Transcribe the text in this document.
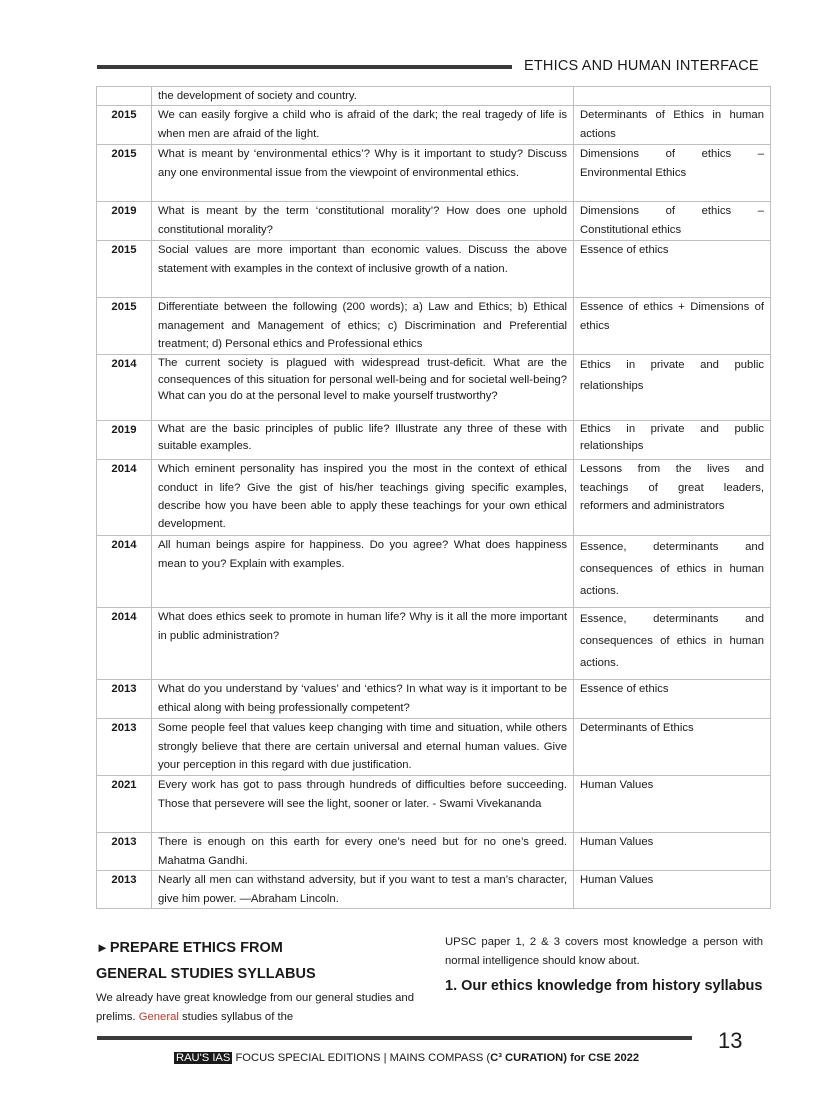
ETHICS AND HUMAN INTERFACE
	the development of society and country.	
2015	We can easily forgive a child who is afraid of the dark; the real tragedy of life is when men are afraid of the light.	Determinants of Ethics in human actions
2015	What is meant by ‘environmental ethics’? Why is it important to study? Discuss any one environmental issue from the viewpoint of environmental ethics.	Dimensions of ethics – Environmental Ethics
2019	What is meant by the term ‘constitutional morality’? How does one uphold constitutional morality?	Dimensions of ethics – Constitutional ethics
2015	Social values are more important than economic values. Discuss the above statement with examples in the context of inclusive growth of a nation.	Essence of ethics
2015	Differentiate between the following (200 words); a) Law and Ethics; b) Ethical management and Management of ethics; c) Discrimination and Preferential treatment; d) Personal ethics and Professional ethics	Essence of ethics + Dimensions of ethics
2014	The current society is plagued with widespread trust-deficit. What are the consequences of this situation for personal well-being and for societal well-being? What can you do at the personal level to make yourself trustworthy?	Ethics in private and public relationships
2019	What are the basic principles of public life? Illustrate any three of these with suitable examples.	Ethics in private and public relationships
2014	Which eminent personality has inspired you the most in the context of ethical conduct in life? Give the gist of his/her teachings giving specific examples, describe how you have been able to apply these teachings for your own ethical development.	Lessons from the lives and teachings of great leaders, reformers and administrators
2014	All human beings aspire for happiness. Do you agree? What does happiness mean to you? Explain with examples.	Essence, determinants and consequences of ethics in human actions.
2014	What does ethics seek to promote in human life? Why is it all the more important in public administration?	Essence, determinants and consequences of ethics in human actions.
2013	What do you understand by ‘values’ and ‘ethics? In what way is it important to be ethical along with being professionally competent?	Essence of ethics
2013	Some people feel that values keep changing with time and situation, while others strongly believe that there are certain universal and eternal human values. Give your perception in this regard with due justification.	Determinants of Ethics
2021	Every work has got to pass through hundreds of difficulties before succeeding. Those that persevere will see the light, sooner or later. - Swami Vivekananda	Human Values
2013	There is enough on this earth for every one’s need but for no one’s greed. Mahatma Gandhi.	Human Values
2013	Nearly all men can withstand adversity, but if you want to test a man’s character, give him power. —Abraham Lincoln.	Human Values
►PREPARE ETHICS FROM
GENERAL STUDIES SYLLABUS
We already have great knowledge from our general studies and prelims. General studies syllabus of the
UPSC paper 1, 2 & 3 covers most knowledge a person with normal intelligence should know about.
1. Our ethics knowledge from history syllabus
13
RAU'S IAS FOCUS SPECIAL EDITIONS | MAINS COMPASS (C³ CURATION) for CSE 2022
